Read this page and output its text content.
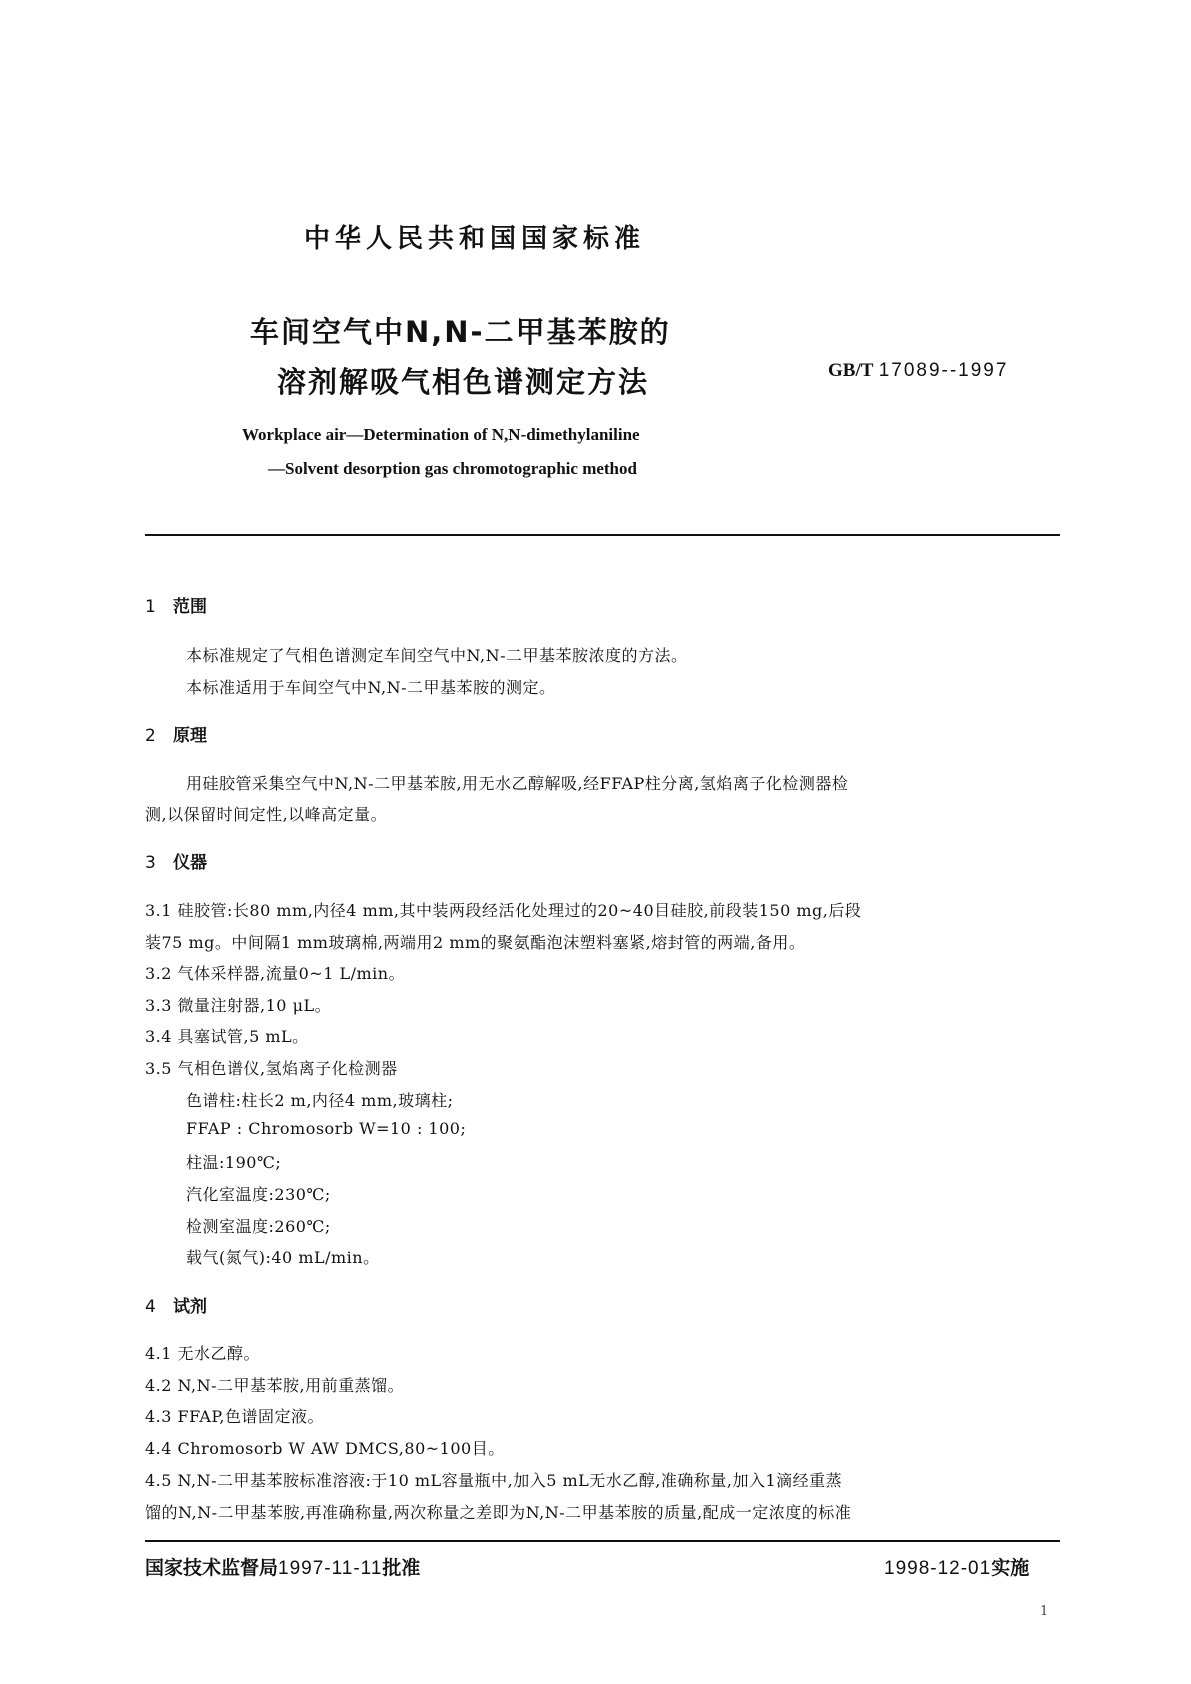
中华人民共和国国家标准
车间空气中N,N-二甲基苯胺的
溶剂解吸气相色谱测定方法	GB/T 17089--1997
Workplace air—Determination of N,N-dimethylaniline
—Solvent desorption gas chromotographic method
1 范围
本标准规定了气相色谱测定车间空气中N,N-二甲基苯胺浓度的方法。
本标准适用于车间空气中N,N-二甲基苯胺的测定。
2 原理
用硅胶管采集空气中N,N-二甲基苯胺,用无水乙醇解吸,经FFAP柱分离,氢焰离子化检测器检
测,以保留时间定性,以峰高定量。
3 仪器
3.1 硅胶管:长80 mm,内径4 mm,其中装两段经活化处理过的20~40目硅胶,前段装150 mg,后段
装75 mg。中间隔1 mm玻璃棉,两端用2 mm的聚氨酯泡沫塑料塞紧,熔封管的两端,备用。
3.2 气体采样器,流量0~1 L/min。
3.3 微量注射器,10 μL。
3.4 具塞试管,5 mL。
3.5 气相色谱仪,氢焰离子化检测器
色谱柱:柱长2 m,内径4 mm,玻璃柱;
FFAP : Chromosorb W=10 : 100;
柱温:190℃;
汽化室温度:230℃;
检测室温度:260℃;
载气(氮气):40 mL/min。
4 试剂
4.1 无水乙醇。
4.2 N,N-二甲基苯胺,用前重蒸馏。
4.3 FFAP,色谱固定液。
4.4 Chromosorb W AW DMCS,80~100目。
4.5 N,N-二甲基苯胺标准溶液:于10 mL容量瓶中,加入5 mL无水乙醇,准确称量,加入1滴经重蒸
馏的N,N-二甲基苯胺,再准确称量,两次称量之差即为N,N-二甲基苯胺的质量,配成一定浓度的标准
国家技术监督局1997-11-11批准	1998-12-01实施
1
